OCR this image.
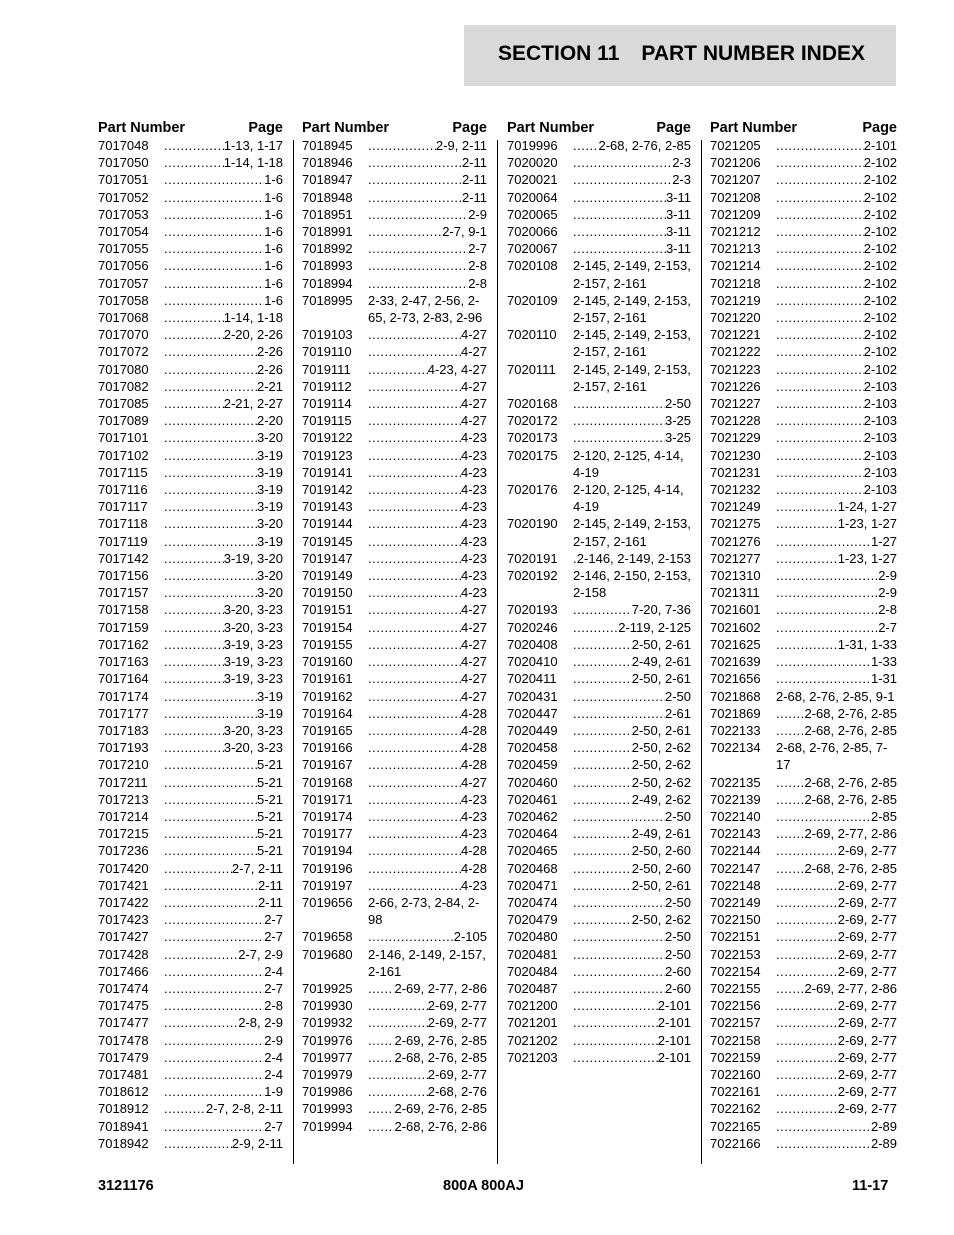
SECTION 11 PART NUMBER INDEX
Part Number	Page
7017048 .....	1-13, 1-17
7017050 .....	1-14, 1-18
7017051 .....	1-6
7017052 .....	1-6
7017053 .....	1-6
7017054 .....	1-6
7017055 .....	1-6
7017056 .....	1-6
7017057 .....	1-6
7017058 .....	1-6
7017068 .....	1-14, 1-18
7017070 .....	2-20, 2-26
7017072 .....	2-26
7017080 .....	2-26
7017082 .....	2-21
7017085 .....	2-21, 2-27
7017089 .....	2-20
7017101 .....	3-20
7017102 .....	3-19
7017115 .....	3-19
7017116 .....	3-19
7017117 .....	3-19
7017118 .....	3-20
7017119 .....	3-19
7017142 .....	3-19, 3-20
7017156 .....	3-20
7017157 .....	3-20
7017158 .....	3-20, 3-23
7017159 .....	3-20, 3-23
7017162 .....	3-19, 3-23
7017163 .....	3-19, 3-23
7017164 .....	3-19, 3-23
7017174 .....	3-19
7017177 .....	3-19
7017183 .....	3-20, 3-23
7017193 .....	3-20, 3-23
7017210 .....	5-21
7017211 .....	5-21
7017213 .....	5-21
7017214 .....	5-21
7017215 .....	5-21
7017236 .....	5-21
7017420 .....	2-7, 2-11
7017421 .....	2-11
7017422 .....	2-11
7017423 .....	2-7
7017427 .....	2-7
7017428 .....	2-7, 2-9
7017466 .....	2-4
7017474 .....	2-7
7017475 .....	2-8
7017477 .....	2-8, 2-9
7017478 .....	2-9
7017479 .....	2-4
7017481 .....	2-4
7018612 .....	1-9
7018912 .....	2-7, 2-8, 2-11
7018941 .....	2-7
7018942 .....	2-9, 2-11
Part Number	Page
7018945 .....	2-9, 2-11
7018946 .....	2-11
7018947 .....	2-11
7018948 .....	2-11
7018951 .....	2-9
7018991 .....	2-7, 9-1
7018992 .....	2-7
7018993 .....	2-8
7018994 .....	2-8
7018995	2-33, 2-47, 2-56, 2-65, 2-73, 2-83, 2-96
7019103 .....	4-27
7019110 .....	4-27
7019111 .....	4-23, 4-27
7019112 .....	4-27
7019114 .....	4-27
7019115 .....	4-27
7019122 .....	4-23
7019123 .....	4-23
7019141 .....	4-23
7019142 .....	4-23
7019143 .....	4-23
7019144 .....	4-23
7019145 .....	4-23
7019147 .....	4-23
7019149 .....	4-23
7019150 .....	4-23
7019151 .....	4-27
7019154 .....	4-27
7019155 .....	4-27
7019160 .....	4-27
7019161 .....	4-27
7019162 .....	4-27
7019164 .....	4-28
7019165 .....	4-28
7019166 .....	4-28
7019167 .....	4-28
7019168 .....	4-27
7019171 .....	4-23
7019174 .....	4-23
7019177 .....	4-23
7019194 .....	4-28
7019196 .....	4-28
7019197 .....	4-23
7019656	2-66, 2-73, 2-84, 2-98
7019658 .....	2-105
7019680	2-146, 2-149, 2-157, 2-161
7019925 .....	2-69, 2-77, 2-86
7019930 .....	2-69, 2-77
7019932 .....	2-69, 2-77
7019976 .....	2-69, 2-76, 2-85
7019977 .....	2-68, 2-76, 2-85
7019979 .....	2-69, 2-77
7019986 .....	2-68, 2-76
7019993 .....	2-69, 2-76, 2-85
7019994 .....	2-68, 2-76, 2-86
Part Number	Page
7019996 .....	2-68, 2-76, 2-85
7020020 .....	2-3
7020021 .....	2-3
7020064 .....	3-11
7020065 .....	3-11
7020066 .....	3-11
7020067 .....	3-11
7020108	2-145, 2-149, 2-153, 2-157, 2-161
7020109	2-145, 2-149, 2-153, 2-157, 2-161
7020110	2-145, 2-149, 2-153, 2-157, 2-161
7020111	2-145, 2-149, 2-153, 2-157, 2-161
7020168 .....	2-50
7020172 .....	3-25
7020173 .....	3-25
7020175	2-120, 2-125, 4-14, 4-19
7020176	2-120, 2-125, 4-14, 4-19
7020190	2-145, 2-149, 2-153, 2-157, 2-161
7020191 .....	2-146, 2-149, 2-153
7020192	2-146, 2-150, 2-153, 2-158
7020193 .....	7-20, 7-36
7020246 .....	2-119, 2-125
7020408 .....	2-50, 2-61
7020410 .....	2-49, 2-61
7020411 .....	2-50, 2-61
7020431 .....	2-50
7020447 .....	2-61
7020449 .....	2-50, 2-61
7020458 .....	2-50, 2-62
7020459 .....	2-50, 2-62
7020460 .....	2-50, 2-62
7020461 .....	2-49, 2-62
7020462 .....	2-50
7020464 .....	2-49, 2-61
7020465 .....	2-50, 2-60
7020468 .....	2-50, 2-60
7020471 .....	2-50, 2-61
7020474 .....	2-50
7020479 .....	2-50, 2-62
7020480 .....	2-50
7020481 .....	2-50
7020484 .....	2-60
7020487 .....	2-60
7021200 .....	2-101
7021201 .....	2-101
7021202 .....	2-101
7021203 .....	2-101
Part Number	Page
7021205 .....	2-101
7021206 .....	2-102
7021207 .....	2-102
7021208 .....	2-102
7021209 .....	2-102
7021212 .....	2-102
7021213 .....	2-102
7021214 .....	2-102
7021218 .....	2-102
7021219 .....	2-102
7021220 .....	2-102
7021221 .....	2-102
7021222 .....	2-102
7021223 .....	2-102
7021226 .....	2-103
7021227 .....	2-103
7021228 .....	2-103
7021229 .....	2-103
7021230 .....	2-103
7021231 .....	2-103
7021232 .....	2-103
7021249 .....	1-24, 1-27
7021275 .....	1-23, 1-27
7021276 .....	1-27
7021277 .....	1-23, 1-27
7021310 .....	2-9
7021311 .....	2-9
7021601 .....	2-8
7021602 .....	2-7
7021625 .....	1-31, 1-33
7021639 .....	1-33
7021656 .....	1-31
7021868	2-68, 2-76, 2-85, 9-1
7021869 .....	2-68, 2-76, 2-85
7022133 .....	2-68, 2-76, 2-85
7022134	2-68, 2-76, 2-85, 7-17
7022135 .....	2-68, 2-76, 2-85
7022139 .....	2-68, 2-76, 2-85
7022140 .....	2-85
7022143 .....	2-69, 2-77, 2-86
7022144 .....	2-69, 2-77
7022147 .....	2-68, 2-76, 2-85
7022148 .....	2-69, 2-77
7022149 .....	2-69, 2-77
7022150 .....	2-69, 2-77
7022151 .....	2-69, 2-77
7022153 .....	2-69, 2-77
7022154 .....	2-69, 2-77
7022155 .....	2-69, 2-77, 2-86
7022156 .....	2-69, 2-77
7022157 .....	2-69, 2-77
7022158 .....	2-69, 2-77
7022159 .....	2-69, 2-77
7022160 .....	2-69, 2-77
7022161 .....	2-69, 2-77
7022162 .....	2-69, 2-77
7022165 .....	2-89
7022166 .....	2-89
3121176	800A 800AJ	11-17
